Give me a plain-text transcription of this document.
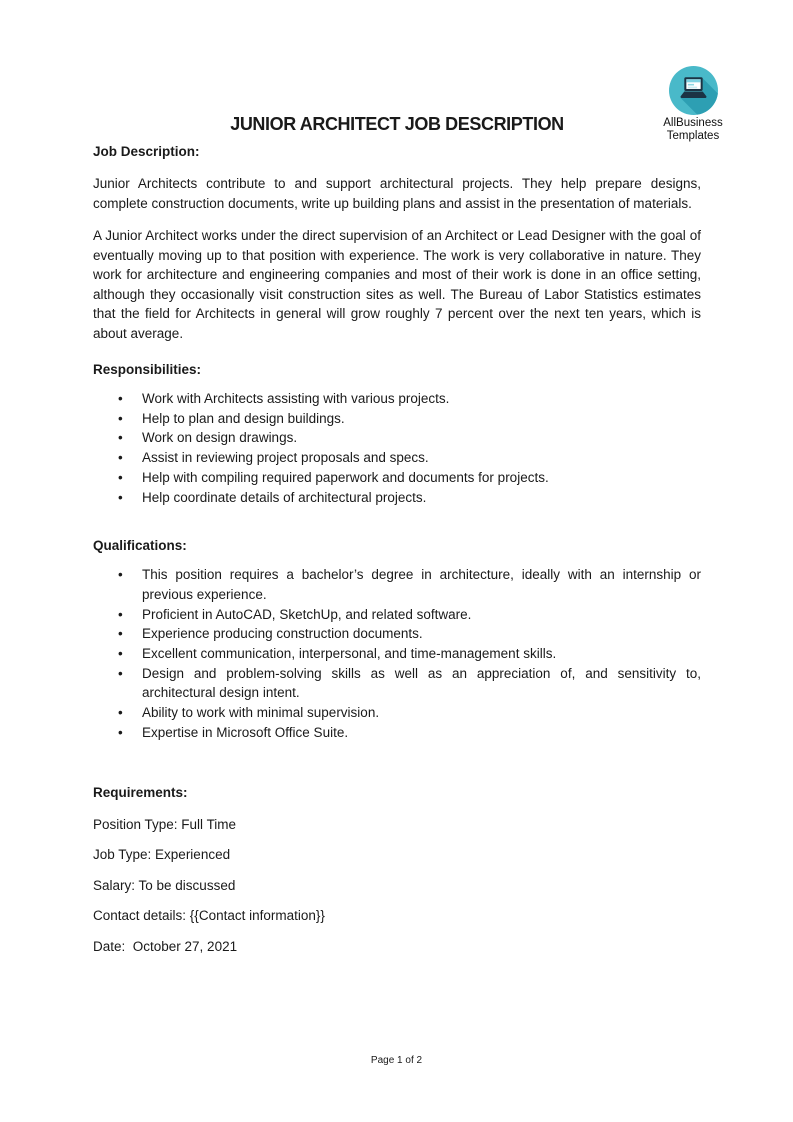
AllBusiness
Templates
JUNIOR ARCHITECT JOB DESCRIPTION

Job Description:

Junior Architects contribute to and support architectural projects. They help prepare designs, complete construction documents, write up building plans and assist in the presentation of materials.

A Junior Architect works under the direct supervision of an Architect or Lead Designer with the goal of eventually moving up to that position with experience. The work is very collaborative in nature. They work for architecture and engineering companies and most of their work is done in an office setting, although they occasionally visit construction sites as well. The Bureau of Labor Statistics estimates that the field for Architects in general will grow roughly 7 percent over the next ten years, which is about average.

Responsibilities:

• Work with Architects assisting with various projects.
• Help to plan and design buildings.
• Work on design drawings.
• Assist in reviewing project proposals and specs.
• Help with compiling required paperwork and documents for projects.
• Help coordinate details of architectural projects.

Qualifications:

• This position requires a bachelor’s degree in architecture, ideally with an internship or previous experience.
• Proficient in AutoCAD, SketchUp, and related software.
• Experience producing construction documents.
• Excellent communication, interpersonal, and time-management skills.
• Design and problem-solving skills as well as an appreciation of, and sensitivity to, architectural design intent.
• Ability to work with minimal supervision.
• Expertise in Microsoft Office Suite.

Requirements:

Position Type: Full Time

Job Type: Experienced

Salary: To be discussed

Contact details: {{Contact information}}

Date:  October 27, 2021

Page 1 of 2
